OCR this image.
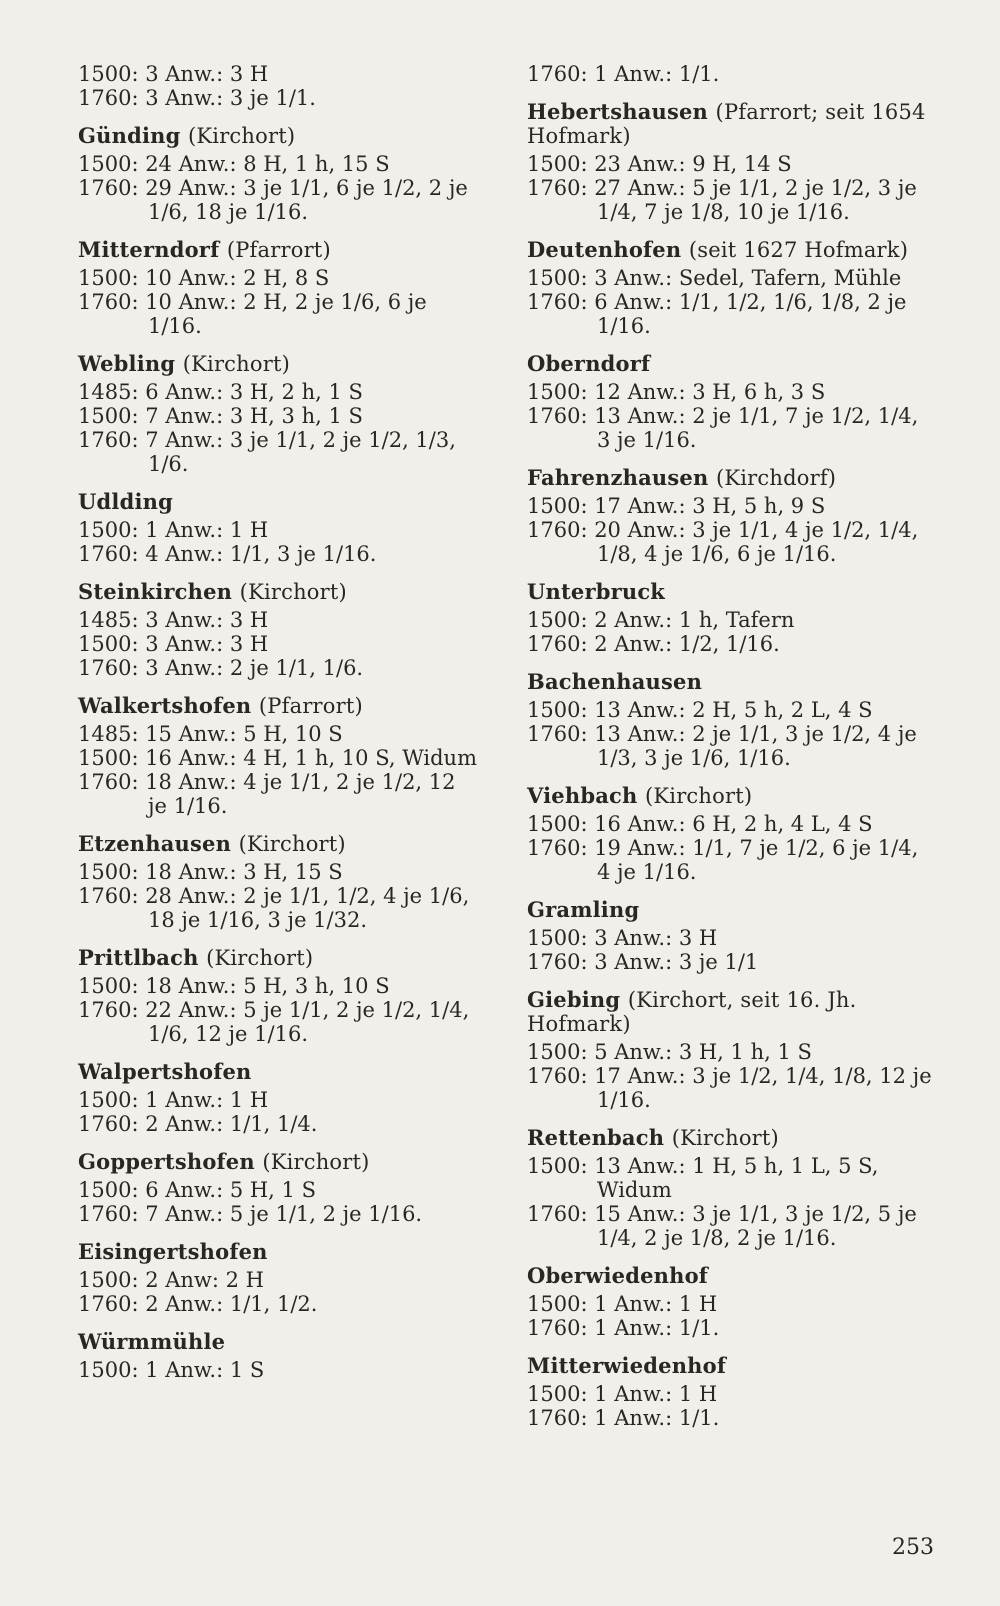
1500: 3 Anw.: 3 H
1760: 3 Anw.: 3 je 1/1.
Günding (Kirchort)
1500: 24 Anw.: 8 H, 1 h, 15 S
1760: 29 Anw.: 3 je 1/1, 6 je 1/2, 2 je
1/6, 18 je 1/16.
Mitterndorf (Pfarrort)
1500: 10 Anw.: 2 H, 8 S
1760: 10 Anw.: 2 H, 2 je 1/6, 6 je
1/16.
Webling (Kirchort)
1485: 6 Anw.: 3 H, 2 h, 1 S
1500: 7 Anw.: 3 H, 3 h, 1 S
1760: 7 Anw.: 3 je 1/1, 2 je 1/2, 1/3,
1/6.
Udlding
1500: 1 Anw.: 1 H
1760: 4 Anw.: 1/1, 3 je 1/16.
Steinkirchen (Kirchort)
1485: 3 Anw.: 3 H
1500: 3 Anw.: 3 H
1760: 3 Anw.: 2 je 1/1, 1/6.
Walkertshofen (Pfarrort)
1485: 15 Anw.: 5 H, 10 S
1500: 16 Anw.: 4 H, 1 h, 10 S, Widum
1760: 18 Anw.: 4 je 1/1, 2 je 1/2, 12
je 1/16.
Etzenhausen (Kirchort)
1500: 18 Anw.: 3 H, 15 S
1760: 28 Anw.: 2 je 1/1, 1/2, 4 je 1/6,
18 je 1/16, 3 je 1/32.
Prittlbach (Kirchort)
1500: 18 Anw.: 5 H, 3 h, 10 S
1760: 22 Anw.: 5 je 1/1, 2 je 1/2, 1/4,
1/6, 12 je 1/16.
Walpertshofen
1500: 1 Anw.: 1 H
1760: 2 Anw.: 1/1, 1/4.
Goppertshofen (Kirchort)
1500: 6 Anw.: 5 H, 1 S
1760: 7 Anw.: 5 je 1/1, 2 je 1/16.
Eisingertshofen
1500: 2 Anw: 2 H
1760: 2 Anw.: 1/1, 1/2.
Würmmühle
1500: 1 Anw.: 1 S
1760: 1 Anw.: 1/1.
Hebertshausen (Pfarrort; seit 1654 Hofmark)
1500: 23 Anw.: 9 H, 14 S
1760: 27 Anw.: 5 je 1/1, 2 je 1/2, 3 je
1/4, 7 je 1/8, 10 je 1/16.
Deutenhofen (seit 1627 Hofmark)
1500: 3 Anw.: Sedel, Tafern, Mühle
1760: 6 Anw.: 1/1, 1/2, 1/6, 1/8, 2 je
1/16.
Oberndorf
1500: 12 Anw.: 3 H, 6 h, 3 S
1760: 13 Anw.: 2 je 1/1, 7 je 1/2, 1/4,
3 je 1/16.
Fahrenzhausen (Kirchdorf)
1500: 17 Anw.: 3 H, 5 h, 9 S
1760: 20 Anw.: 3 je 1/1, 4 je 1/2, 1/4,
1/8, 4 je 1/6, 6 je 1/16.
Unterbruck
1500: 2 Anw.: 1 h, Tafern
1760: 2 Anw.: 1/2, 1/16.
Bachenhausen
1500: 13 Anw.: 2 H, 5 h, 2 L, 4 S
1760: 13 Anw.: 2 je 1/1, 3 je 1/2, 4 je
1/3, 3 je 1/6, 1/16.
Viehbach (Kirchort)
1500: 16 Anw.: 6 H, 2 h, 4 L, 4 S
1760: 19 Anw.: 1/1, 7 je 1/2, 6 je 1/4,
4 je 1/16.
Gramling
1500: 3 Anw.: 3 H
1760: 3 Anw.: 3 je 1/1
Giebing (Kirchort, seit 16. Jh. Hofmark)
1500: 5 Anw.: 3 H, 1 h, 1 S
1760: 17 Anw.: 3 je 1/2, 1/4, 1/8, 12 je
1/16.
Rettenbach (Kirchort)
1500: 13 Anw.: 1 H, 5 h, 1 L, 5 S,
Widum
1760: 15 Anw.: 3 je 1/1, 3 je 1/2, 5 je
1/4, 2 je 1/8, 2 je 1/16.
Oberwiedenhof
1500: 1 Anw.: 1 H
1760: 1 Anw.: 1/1.
Mitterwiedenhof
1500: 1 Anw.: 1 H
1760: 1 Anw.: 1/1.
253
